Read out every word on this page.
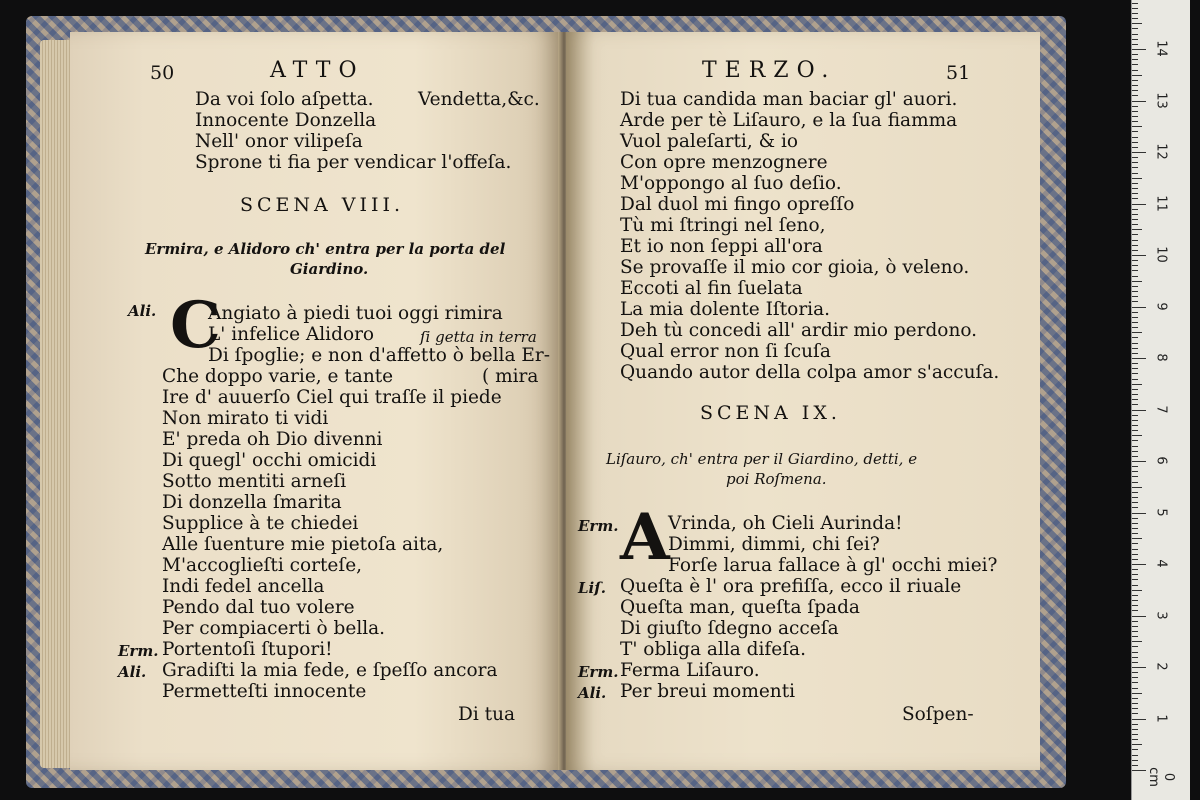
50	ATTO
Da voi ſolo aſpetta. Vendetta,&c.
Innocente Donzella
Nell' onor vilipeſa
Sprone ti fia per vendicar l'offeſa.
SCENA VIII.
Ermira, e Alidoro ch' entra per la porta del
Giardino.
Ali. C
Angiato à piedi tuoi oggi rimira
L' infelice Alidoro	ſi getta in terra
Di ſpoglie; e non d'affetto ò bella Er-
Che doppo varie, e tante	( mira
Ire d' auuerſo Ciel qui traſſe il piede
Non mirato ti vidi
E' preda oh Dio divenni
Di quegl' occhi omicidi
Sotto mentiti arneſi
Di donzella ſmarita
Supplice à te chiedei
Alle ſuenture mie pietoſa aita,
M'accoglieſti corteſe,
Indi fedel ancella
Pendo dal tuo volere
Per compiacerti ò bella.
Erm. Portentoſi ſtupori!
Ali. Gradiſti la mia fede, e ſpeſſo ancora
Permetteſti innocente
Di tua
TERZO.	51
Di tua candida man baciar gl' auori.
Arde per tè Liſauro, e la ſua fiamma
Vuol paleſarti, & io
Con opre menzognere
M'oppongo al ſuo deſio.
Dal duol mi fingo opreſſo
Tù mi ſtringi nel ſeno,
Et io non ſeppi all'ora
Se provaſſe il mio cor gioia, ò veleno.
Eccoti al fin ſuelata
La mia dolente Iſtoria.
Deh tù concedi all' ardir mio perdono.
Qual error non ſi ſcuſa
Quando autor della colpa amor s'accuſa.
SCENA IX.
Liſauro, ch' entra per il Giardino, detti, e
poi Roſmena.
Erm. A
Vrinda, oh Cieli Aurinda!
Dimmi, dimmi, chi ſei?
Forſe larua fallace à gl' occhi miei?
Liſ. Queſta è l' ora prefiſſa, ecco il riuale
Queſta man, queſta ſpada
Di giuſto ſdegno acceſa
T' obliga alla difeſa.
Erm. Ferma Liſauro.
Ali. Per breui momenti
Soſpen-
0 cm
1
2
3
4
5
6
7
8
9
10
11
12
13
14
